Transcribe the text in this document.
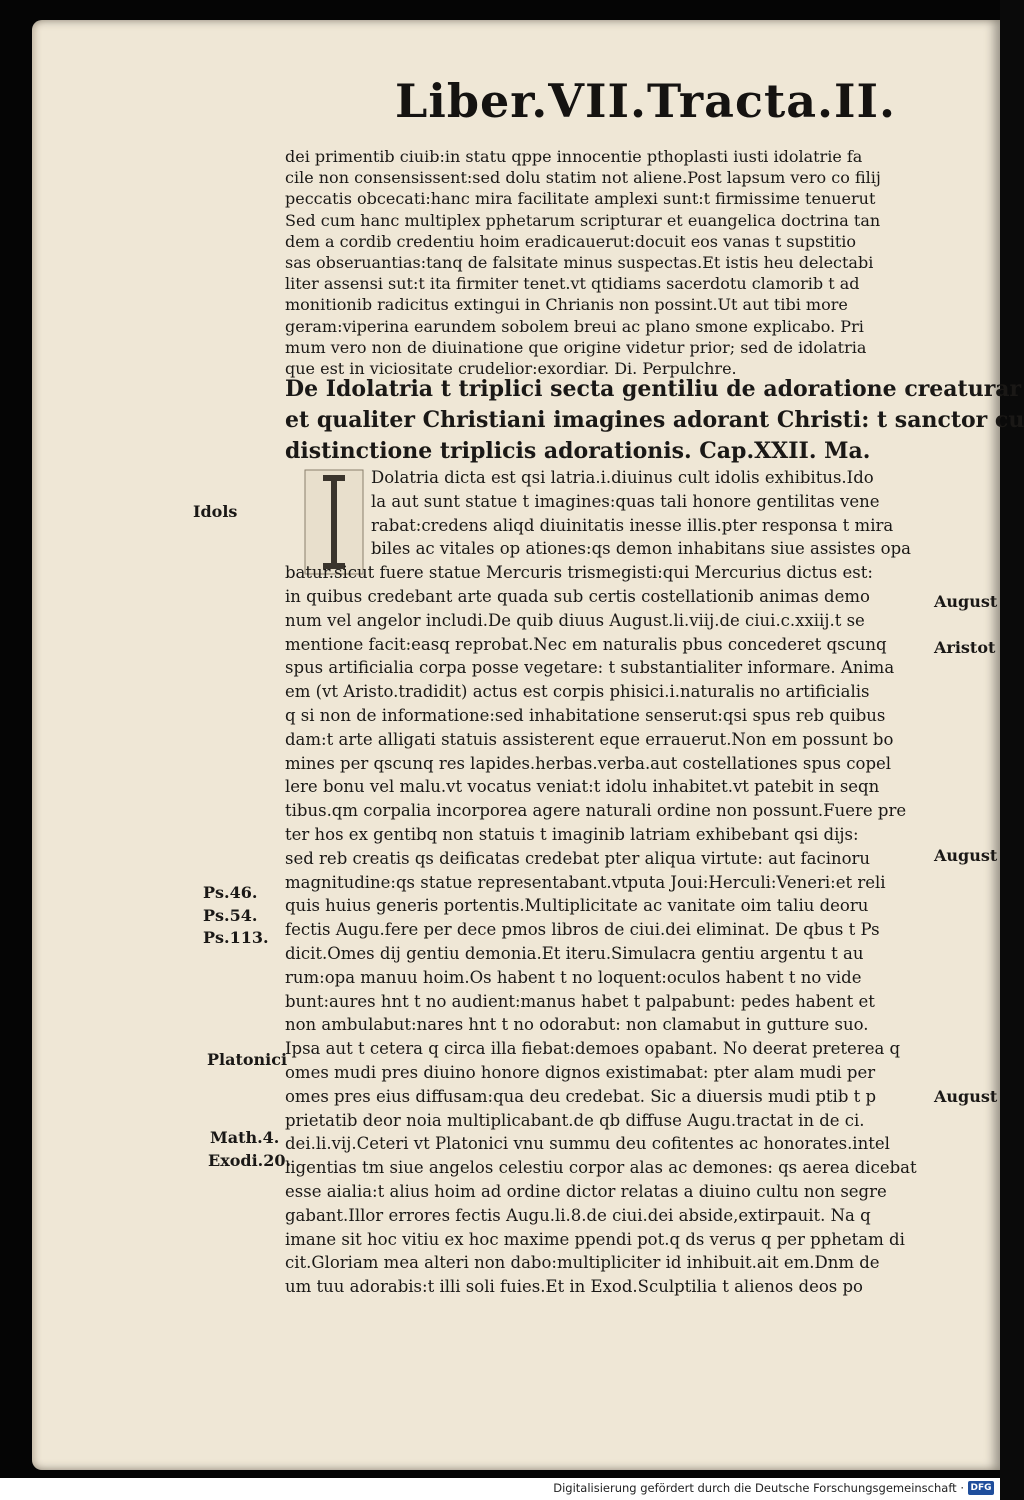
Liber.VII.Tracta.II.
dei primentib ciuib:in statu qppe innocentie pthoplasti iusti idolatrie fa
cile non consensissent:sed dolu statim not aliene.Post lapsum vero co filij
peccatis obcecati:hanc mira facilitate amplexi sunt:t firmissime tenuerut
Sed cum hanc multiplex pphetarum scripturar et euangelica doctrina tan
dem a cordib credentiu hoim eradicauerut:docuit eos vanas t supstitio
sas obseruantias:tanq de falsitate minus suspectas.Et istis heu delectabi
liter assensi sut:t ita firmiter tenet.vt qtidiams sacerdotu clamorib t ad
monitionib radicitus extingui in Chrianis non possint.Ut aut tibi more
geram:viperina earundem sobolem breui ac plano smone explicabo. Pri
mum vero non de diuinatione que origine videtur prior; sed de idolatria
que est in viciositate crudelior:exordiar. Di. Perpulchre.
De Idolatria t triplici secta gentiliu de adoratione creaturar
et qualiter Christiani imagines adorant Christi: t sanctor cu
distinctione triplicis adorationis. Cap.XXII. Ma.
Dolatria dicta est qsi latria.i.diuinus cult idolis exhibitus.Ido
la aut sunt statue t imagines:quas tali honore gentilitas vene
rabat:credens aliqd diuinitatis inesse illis.pter responsa t mira
biles ac vitales op ationes:qs demon inhabitans siue assistes opa
batur.sicut fuere statue Mercuris trismegisti:qui Mercurius dictus est:
in quibus credebant arte quada sub certis costellationib animas demo
num vel angelor includi.De quib diuus August.li.viij.de ciui.c.xxiij.t se
mentione facit:easq reprobat.Nec em naturalis pbus concederet qscunq
spus artificialia corpa posse vegetare: t substantialiter informare. Anima
em (vt Aristo.tradidit) actus est corpis phisici.i.naturalis no artificialis
q si non de informatione:sed inhabitatione senserut:qsi spus reb quibus
dam:t arte alligati statuis assisterent eque errauerut.Non em possunt bo
mines per qscunq res lapides.herbas.verba.aut costellationes spus copel
lere bonu vel malu.vt vocatus veniat:t idolu inhabitet.vt patebit in seqn
tibus.qm corpalia incorporea agere naturali ordine non possunt.Fuere pre
ter hos ex gentibq non statuis t imaginib latriam exhibebant qsi dijs:
sed reb creatis qs deificatas credebat pter aliqua virtute: aut facinoru
magnitudine:qs statue representabant.vtputa Joui:Herculi:Veneri:et reli
quis huius generis portentis.Multiplicitate ac vanitate oim taliu deoru
fectis Augu.fere per dece pmos libros de ciui.dei eliminat. De qbus t Ps
dicit.Omes dij gentiu demonia.Et iteru.Simulacra gentiu argentu t au
rum:opa manuu hoim.Os habent t no loquent:oculos habent t no vide
bunt:aures hnt t no audient:manus habet t palpabunt: pedes habent et
non ambulabut:nares hnt t no odorabut: non clamabut in gutture suo.
Ipsa aut t cetera q circa illa fiebat:demoes opabant. No deerat preterea q
omes mudi pres diuino honore dignos existimabat: pter alam mudi per
omes pres eius diffusam:qua deu credebat. Sic a diuersis mudi ptib t p
prietatib deor noia multiplicabant.de qb diffuse Augu.tractat in de ci.
dei.li.vij.Ceteri vt Platonici vnu summu deu cofitentes ac honorates.intel
ligentias tm siue angelos celestiu corpor alas ac demones: qs aerea dicebat
esse aialia:t alius hoim ad ordine dictor relatas a diuino cultu non segre
gabant.Illor errores fectis Augu.li.8.de ciui.dei abside,extirpauit. Na q
imane sit hoc vitiu ex hoc maxime ppendi pot.q ds verus q per pphetam di
cit.Gloriam mea alteri non dabo:multipliciter id inhibuit.ait em.Dnm de
um tuu adorabis:t illi soli fuies.Et in Exod.Sculptilia t alienos deos po
Idols
Ps.46.
Ps.54.
Ps.113.
Platonici
Math.4.
Exodi.20.
August
Aristot
August
August
Digitalisierung gefördert durch die Deutsche Forschungsgemeinschaft · DFG
